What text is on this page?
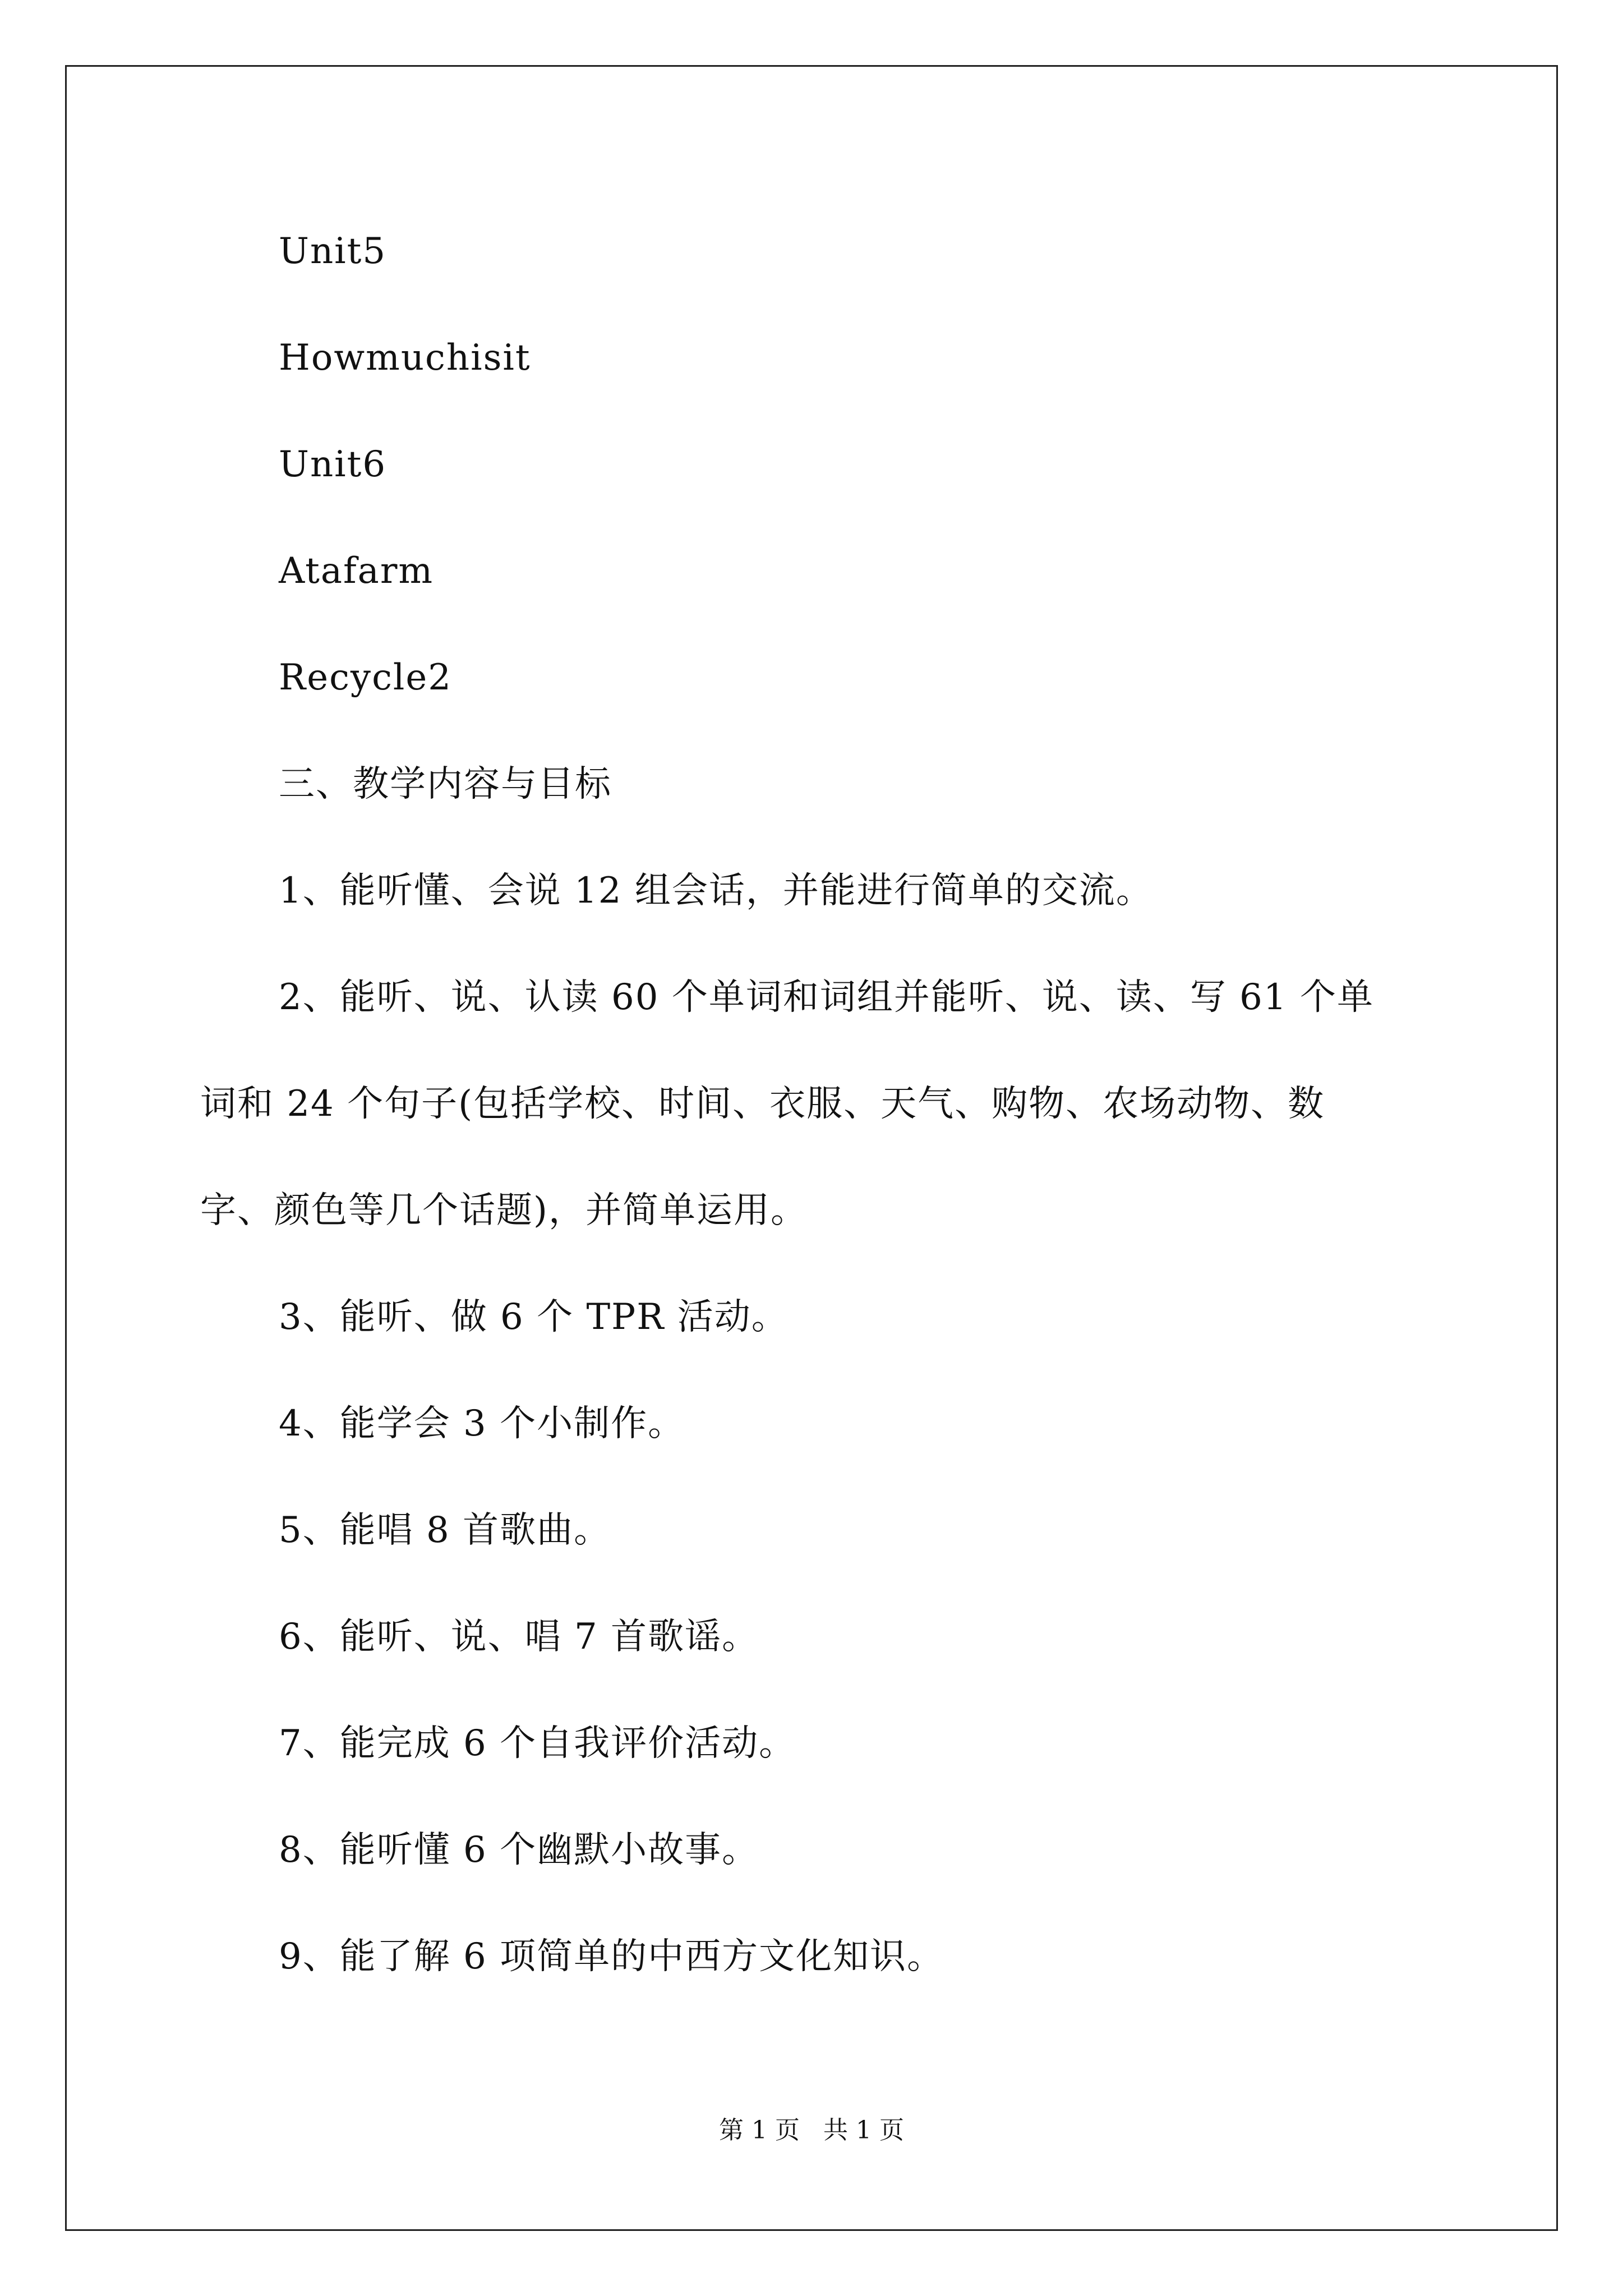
Unit5
Howmuchisit
Unit6
Atafarm
Recycle2
三、教学内容与目标
1、能听懂、会说 12 组会话，并能进行简单的交流。
2、能听、说、认读 60 个单词和词组并能听、说、读、写 61 个单
词和 24 个句子(包括学校、时间、衣服、天气、购物、农场动物、数
字、颜色等几个话题)，并简单运用。
3、能听、做 6 个 TPR 活动。
4、能学会 3 个小制作。
5、能唱 8 首歌曲。
6、能听、说、唱 7 首歌谣。
7、能完成 6 个自我评价活动。
8、能听懂 6 个幽默小故事。
9、能了解 6 项简单的中西方文化知识。
第 1 页   共 1 页
